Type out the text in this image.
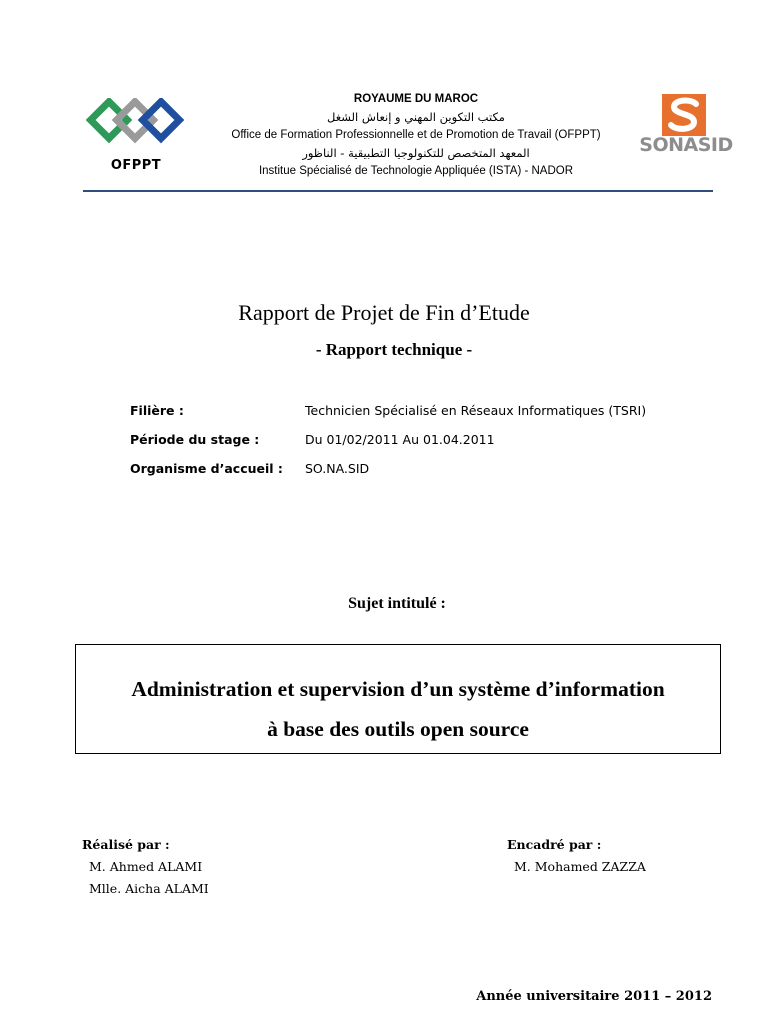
OFPPT
ROYAUME DU MAROC
مكتب التكوين المهني و إنعاش الشغل
Office de Formation Professionnelle et de Promotion de Travail (OFPPT)
المعهد المتخصص للتكنولوجيا التطبيقية - الناظور
Institue Spécialisé de Technologie Appliquée (ISTA) - NADOR
SONASID
Rapport de Projet de Fin d’Etude
- Rapport technique -
Filière :	Technicien Spécialisé en Réseaux Informatiques (TSRI)
Période du stage :	Du 01/02/2011 Au 01.04.2011
Organisme d’accueil : SO.NA.SID
Sujet intitulé :
Administration et supervision d’un système d’information
à base des outils open source
Réalisé par :
M. Ahmed ALAMI
Mlle. Aicha ALAMI
Encadré par :
M. Mohamed ZAZZA
Année universitaire 2011 – 2012
